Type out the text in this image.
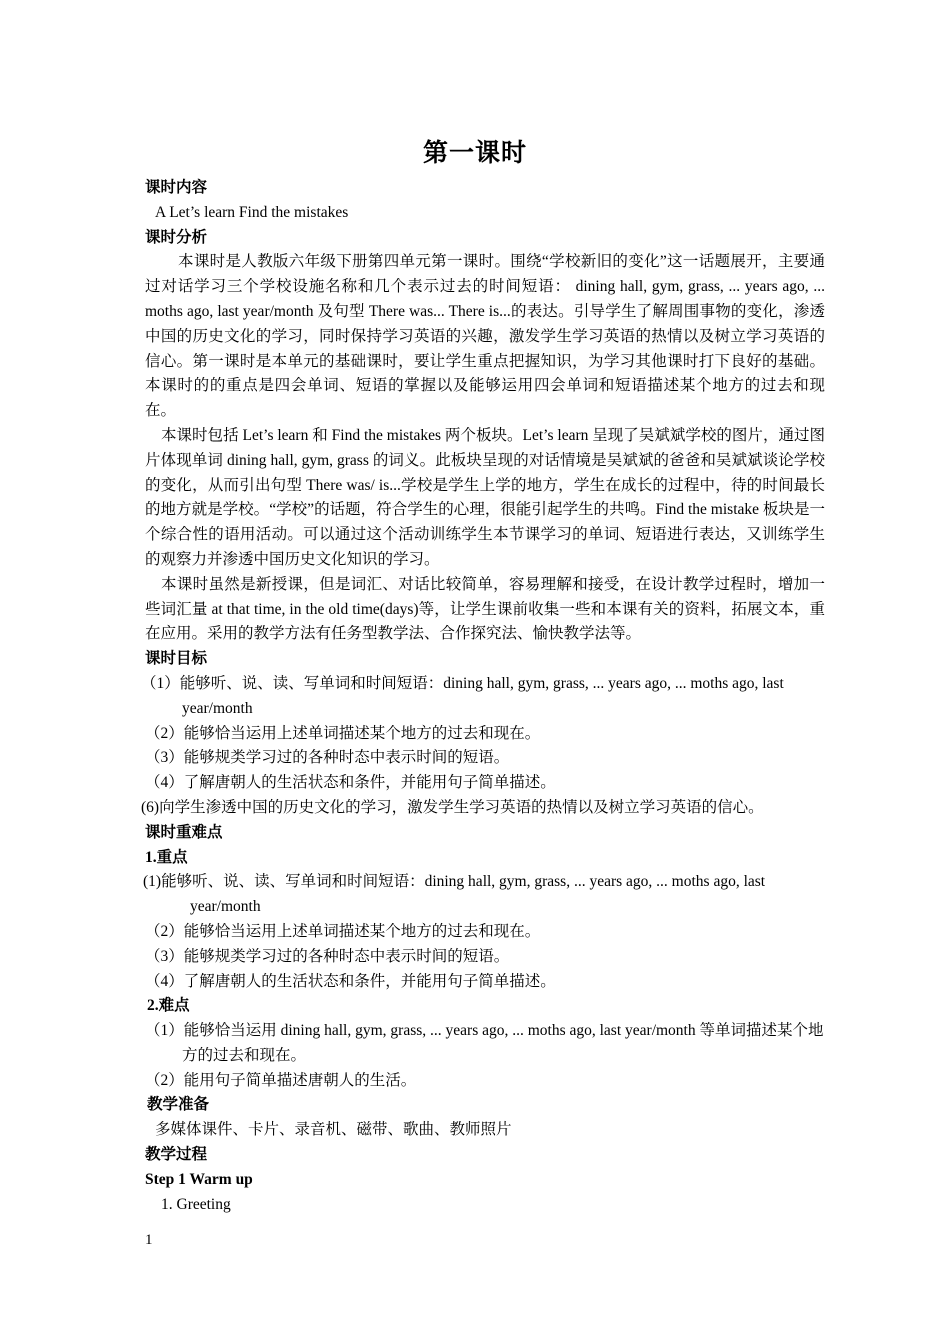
第一课时
课时内容
A Let’s learn Find the mistakes
课时分析
本课时是人教版六年级下册第四单元第一课时。围绕“学校新旧的变化”这一话题展开，主要通过对话学习三个学校设施名称和几个表示过去的时间短语： dining hall, gym, grass, ... years ago, ... moths ago, last year/month 及句型 There was... There is...的表达。引导学生了解周围事物的变化，渗透中国的历史文化的学习，同时保持学习英语的兴趣，激发学生学习英语的热情以及树立学习英语的信心。第一课时是本单元的基础课时，要让学生重点把握知识，为学习其他课时打下良好的基础。本课时的的重点是四会单词、短语的掌握以及能够运用四会单词和短语描述某个地方的过去和现在。
本课时包括 Let’s learn 和 Find the mistakes 两个板块。Let’s learn 呈现了吴斌斌学校的图片，通过图片体现单词 dining hall, gym, grass 的词义。此板块呈现的对话情境是吴斌斌的爸爸和吴斌斌谈论学校的变化，从而引出句型 There was/ is...学校是学生上学的地方，学生在成长的过程中，待的时间最长的地方就是学校。“学校”的话题，符合学生的心理，很能引起学生的共鸣。Find the mistake 板块是一个综合性的语用活动。可以通过这个活动训练学生本节课学习的单词、短语进行表达，又训练学生的观察力并渗透中国历史文化知识的学习。
本课时虽然是新授课，但是词汇、对话比较简单，容易理解和接受，在设计教学过程时，增加一些词汇量 at that time, in the old time(days)等，让学生课前收集一些和本课有关的资料，拓展文本，重在应用。采用的教学方法有任务型教学法、合作探究法、愉快教学法等。
课时目标
（1）能够听、说、读、写单词和时间短语：dining hall, gym, grass, ... years ago, ... moths ago, last year/month
（2）能够恰当运用上述单词描述某个地方的过去和现在。
（3）能够规类学习过的各种时态中表示时间的短语。
（4）了解唐朝人的生活状态和条件，并能用句子简单描述。
(6)向学生渗透中国的历史文化的学习，激发学生学习英语的热情以及树立学习英语的信心。
课时重难点
1.重点
(1)能够听、说、读、写单词和时间短语：dining hall, gym, grass, ... years ago, ... moths ago, last year/month
（2）能够恰当运用上述单词描述某个地方的过去和现在。
（3）能够规类学习过的各种时态中表示时间的短语。
（4）了解唐朝人的生活状态和条件，并能用句子简单描述。
2.难点
（1）能够恰当运用 dining hall, gym, grass, ... years ago, ... moths ago, last year/month 等单词描述某个地方的过去和现在。
（2）能用句子简单描述唐朝人的生活。
教学准备
多媒体课件、卡片、录音机、磁带、歌曲、教师照片
教学过程
Step 1 Warm up
1. Greeting
1
